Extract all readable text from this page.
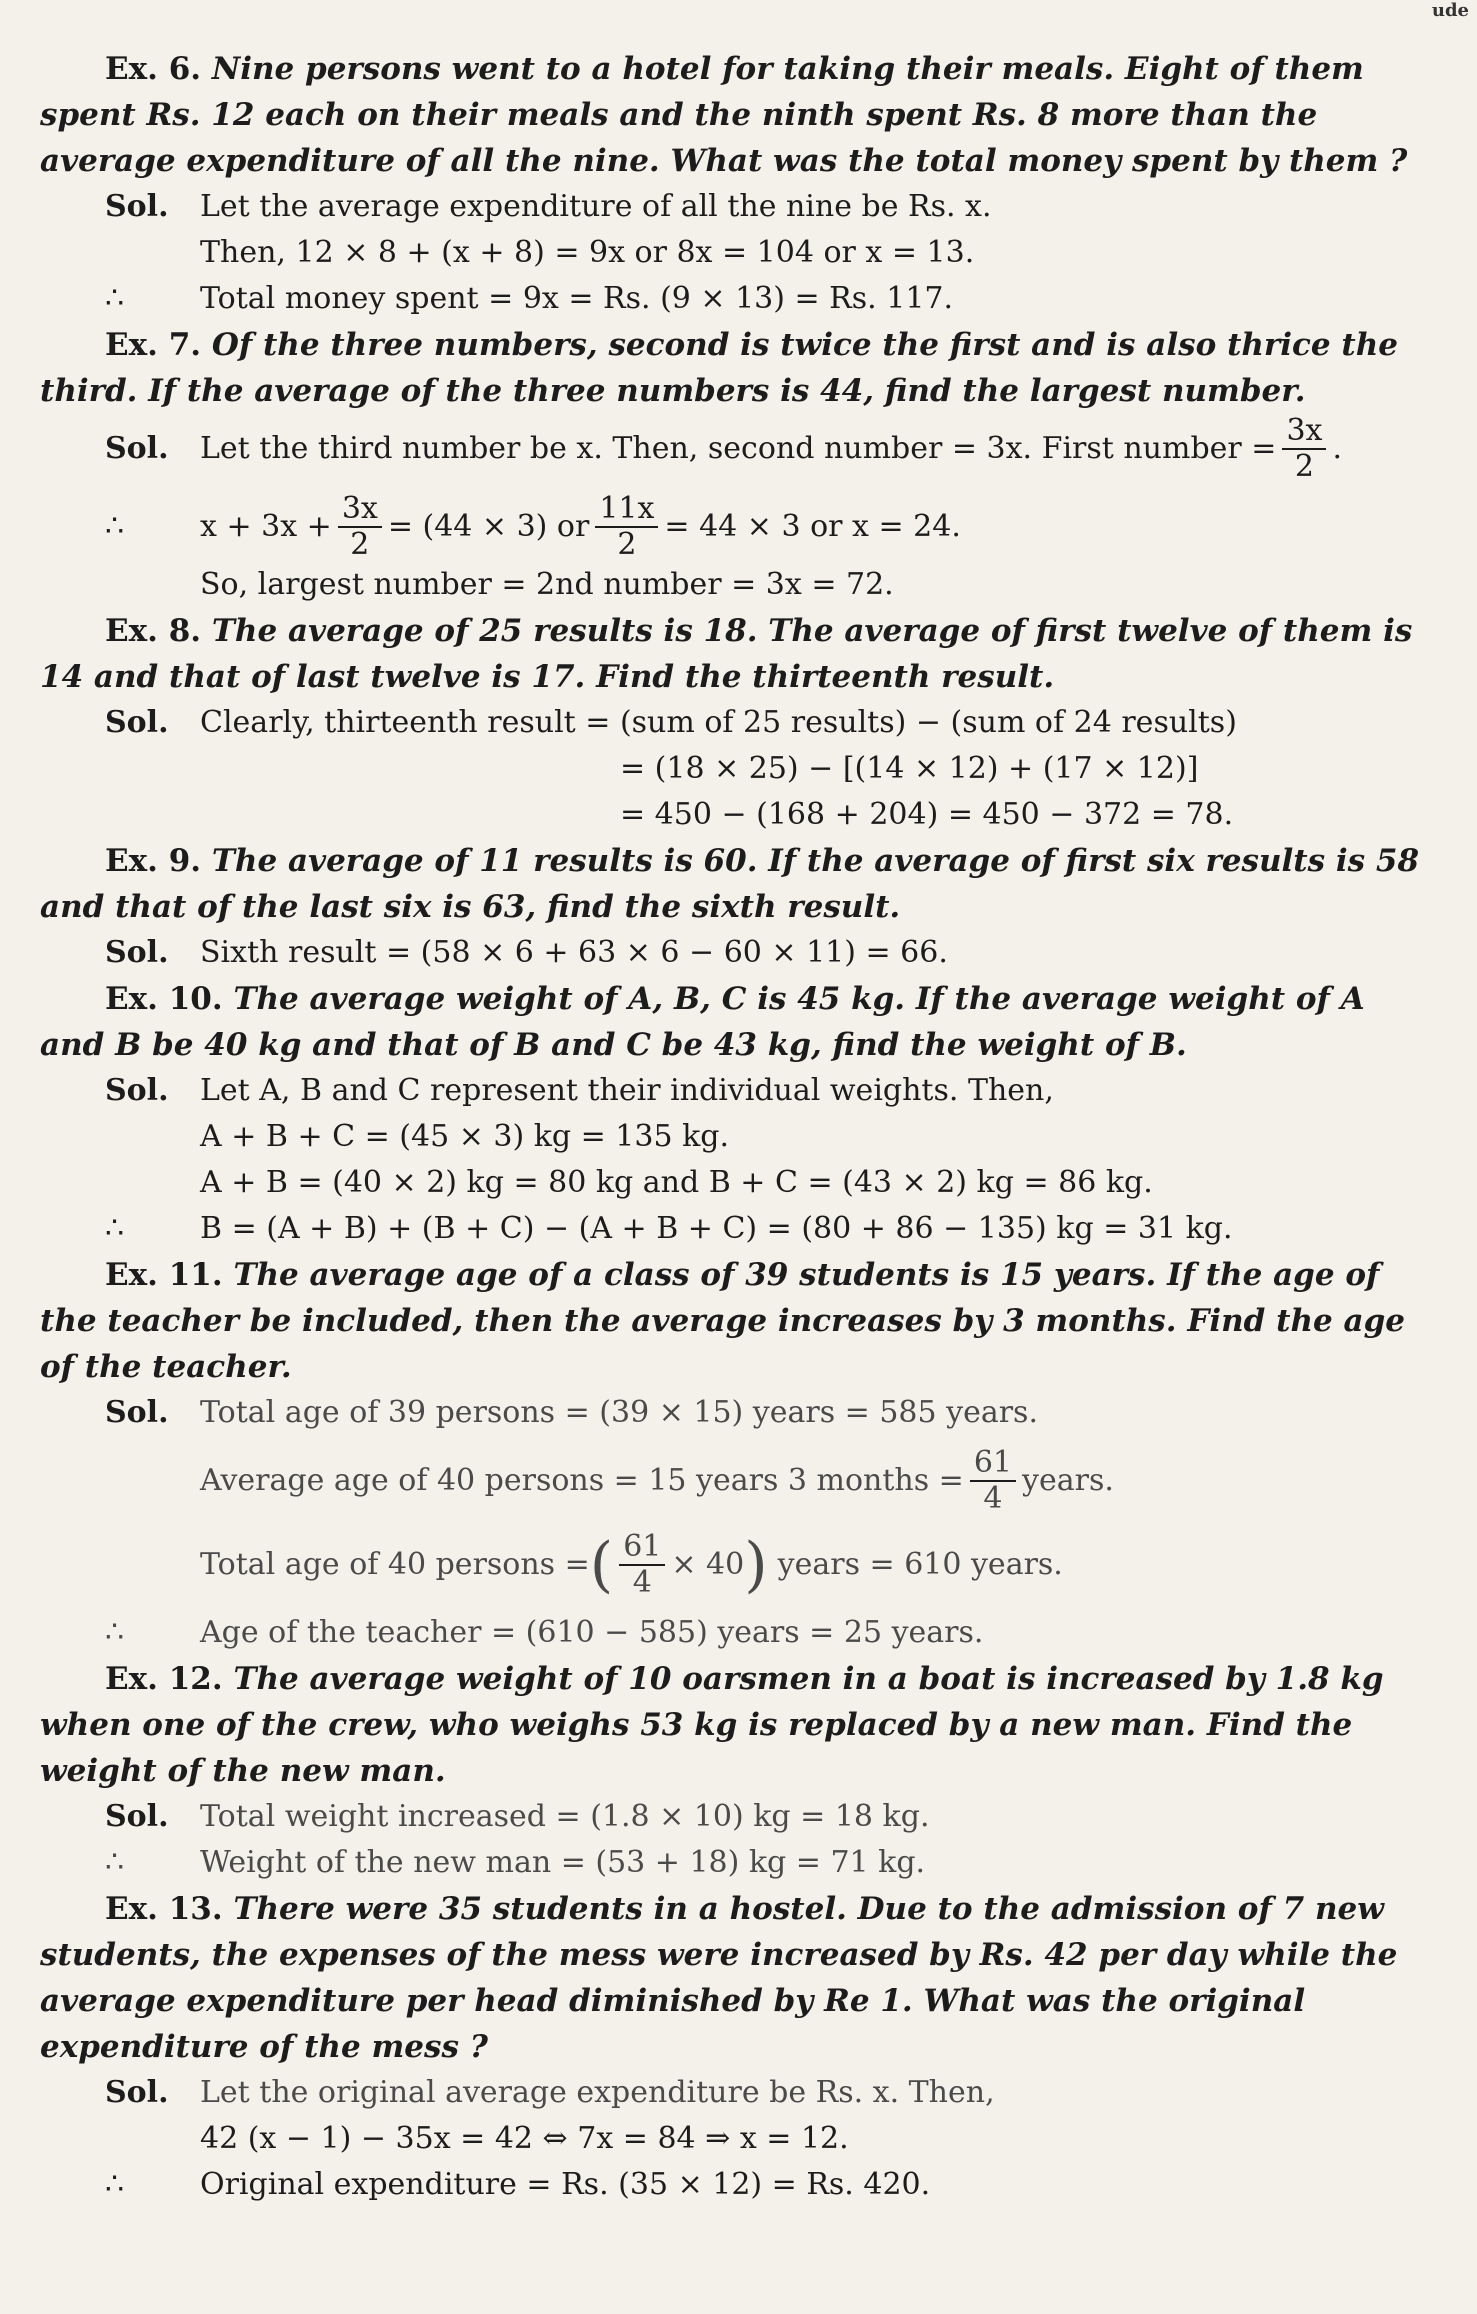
ude
Ex. 6. Nine persons went to a hotel for taking their meals. Eight of them spent Rs. 12 each on their meals and the ninth spent Rs. 8 more than the average expenditure of all the nine. What was the total money spent by them ?
Sol.	Let the average expenditure of all the nine be Rs. x.
Then, 12 × 8 + (x + 8) = 9x or 8x = 104 or x = 13.
∴	Total money spent = 9x = Rs. (9 × 13) = Rs. 117.
Ex. 7. Of the three numbers, second is twice the first and is also thrice the third. If the average of the three numbers is 44, find the largest number.
Sol.	Let the third number be x. Then, second number = 3x. First number = $\frac{3x}{2}$ .
∴	$x + 3x + \frac{3x}{2} = (44 \times 3)$ or $\frac{11x}{2} = 44 \times 3$ or x = 24.
So, largest number = 2nd number = 3x = 72.
Ex. 8. The average of 25 results is 18. The average of first twelve of them is 14 and that of last twelve is 17. Find the thirteenth result.
Sol.	Clearly, thirteenth result = (sum of 25 results) − (sum of 24 results)
= (18 × 25) − [(14 × 12) + (17 × 12)]
= 450 − (168 + 204) = 450 − 372 = 78.
Ex. 9. The average of 11 results is 60. If the average of first six results is 58 and that of the last six is 63, find the sixth result.
Sol.	Sixth result = (58 × 6 + 63 × 6 − 60 × 11) = 66.
Ex. 10. The average weight of A, B, C is 45 kg. If the average weight of A and B be 40 kg and that of B and C be 43 kg, find the weight of B.
Sol.	Let A, B and C represent their individual weights. Then,
A + B + C = (45 × 3) kg = 135 kg.
A + B = (40 × 2) kg = 80 kg and B + C = (43 × 2) kg = 86 kg.
∴	B = (A + B) + (B + C) − (A + B + C) = (80 + 86 − 135) kg = 31 kg.
Ex. 11. The average age of a class of 39 students is 15 years. If the age of the teacher be included, then the average increases by 3 months. Find the age of the teacher.
Sol.	Total age of 39 persons = (39 × 15) years = 585 years.
Average age of 40 persons = 15 years 3 months = $\frac{61}{4}$ years.
Total age of 40 persons = ( $\frac{61}{4} \times 40$ ) years = 610 years.
∴	Age of the teacher = (610 − 585) years = 25 years.
Ex. 12. The average weight of 10 oarsmen in a boat is increased by 1.8 kg when one of the crew, who weighs 53 kg is replaced by a new man. Find the weight of the new man.
Sol.	Total weight increased = (1.8 × 10) kg = 18 kg.
∴	Weight of the new man = (53 + 18) kg = 71 kg.
Ex. 13. There were 35 students in a hostel. Due to the admission of 7 new students, the expenses of the mess were increased by Rs. 42 per day while the average expenditure per head diminished by Re 1. What was the original expenditure of the mess ?
Sol.	Let the original average expenditure be Rs. x. Then,
42 (x − 1) − 35x = 42 ⇔ 7x = 84 ⇒ x = 12.
∴	Original expenditure = Rs. (35 × 12) = Rs. 420.
